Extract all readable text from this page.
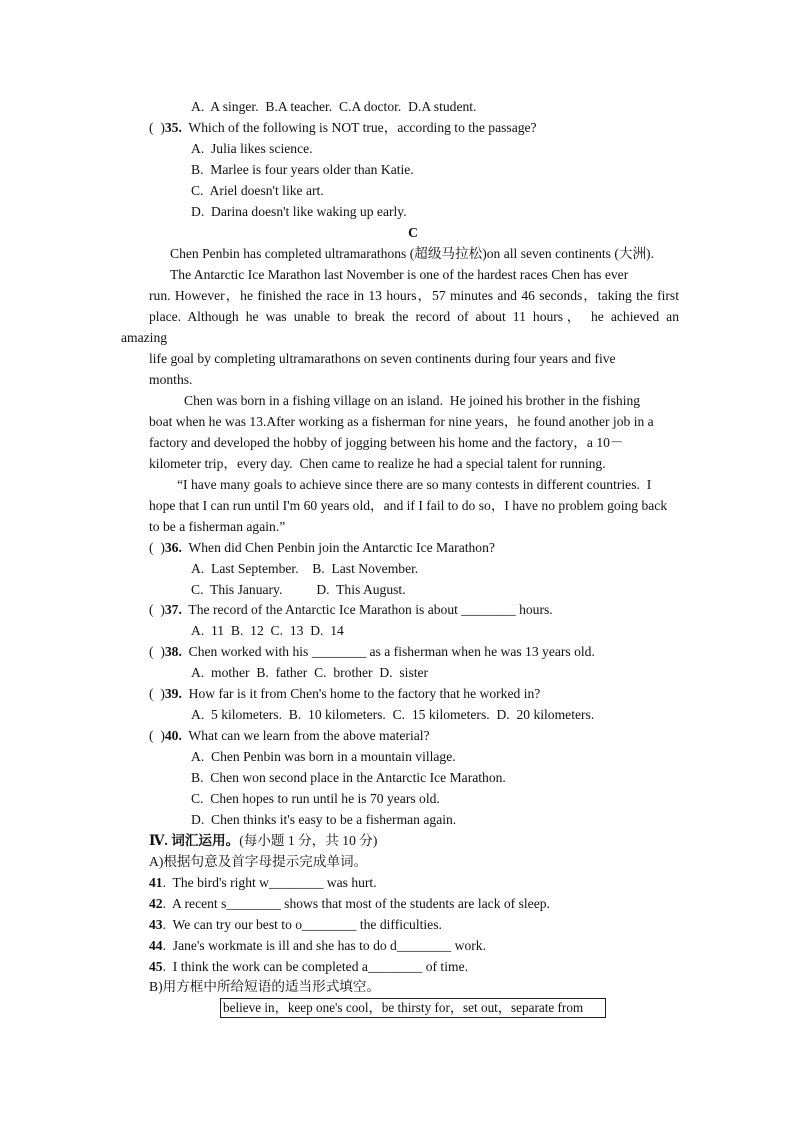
A.  A singer.  B.A teacher.  C.A doctor.  D.A student.
(  )35.  Which of the following is NOT true，according to the passage?
A.  Julia likes science.
B.  Marlee is four years older than Katie.
C.  Ariel doesn't like art.
D.  Darina doesn't like waking up early.
C
Chen Penbin has completed ultramarathons (超级马拉松)on all seven continents (大洲).
The Antarctic Ice Marathon last November is one of the hardest races Chen has ever
run. However，he finished the race in 13 hours，57 minutes and 46 seconds，taking the first
place. Although he was unable to break the record of about 11 hours， he achieved an
amazing
life goal by completing ultramarathons on seven continents during four years and five
months.
Chen was born in a fishing village on an island.  He joined his brother in the fishing
boat when he was 13.After working as a fisherman for nine years，he found another job in a
factory and developed the hobby of jogging between his home and the factory，a 10－
kilometer trip，every day.  Chen came to realize he had a special talent for running.
“I have many goals to achieve since there are so many contests in different countries.  I
hope that I can run until I'm 60 years old，and if I fail to do so，I have no problem going back
to be a fisherman again.”
(  )36.  When did Chen Penbin join the Antarctic Ice Marathon?
A.  Last September.    B.  Last November.
C.  This January.          D.  This August.
(  )37.  The record of the Antarctic Ice Marathon is about ________ hours.
A.  11  B.  12  C.  13  D.  14
(  )38.  Chen worked with his ________ as a fisherman when he was 13 years old.
A.  mother  B.  father  C.  brother  D.  sister
(  )39.  How far is it from Chen's home to the factory that he worked in?
A.  5 kilometers.  B.  10 kilometers.  C.  15 kilometers.  D.  20 kilometers.
(  )40.  What can we learn from the above material?
A.  Chen Penbin was born in a mountain village.
B.  Chen won second place in the Antarctic Ice Marathon.
C.  Chen hopes to run until he is 70 years old.
D.  Chen thinks it's easy to be a fisherman again.
Ⅳ. 词汇运用。(每小题 1 分，共 10 分)
A)根据句意及首字母提示完成单词。
41.  The bird's right w________ was hurt.
42.  A recent s________ shows that most of the students are lack of sleep.
43.  We can try our best to o________ the difficulties.
44.  Jane's workmate is ill and she has to do d________ work.
45.  I think the work can be completed a________ of time.
B)用方框中所给短语的适当形式填空。
believe in，keep one's cool，be thirsty for，set out，separate from
